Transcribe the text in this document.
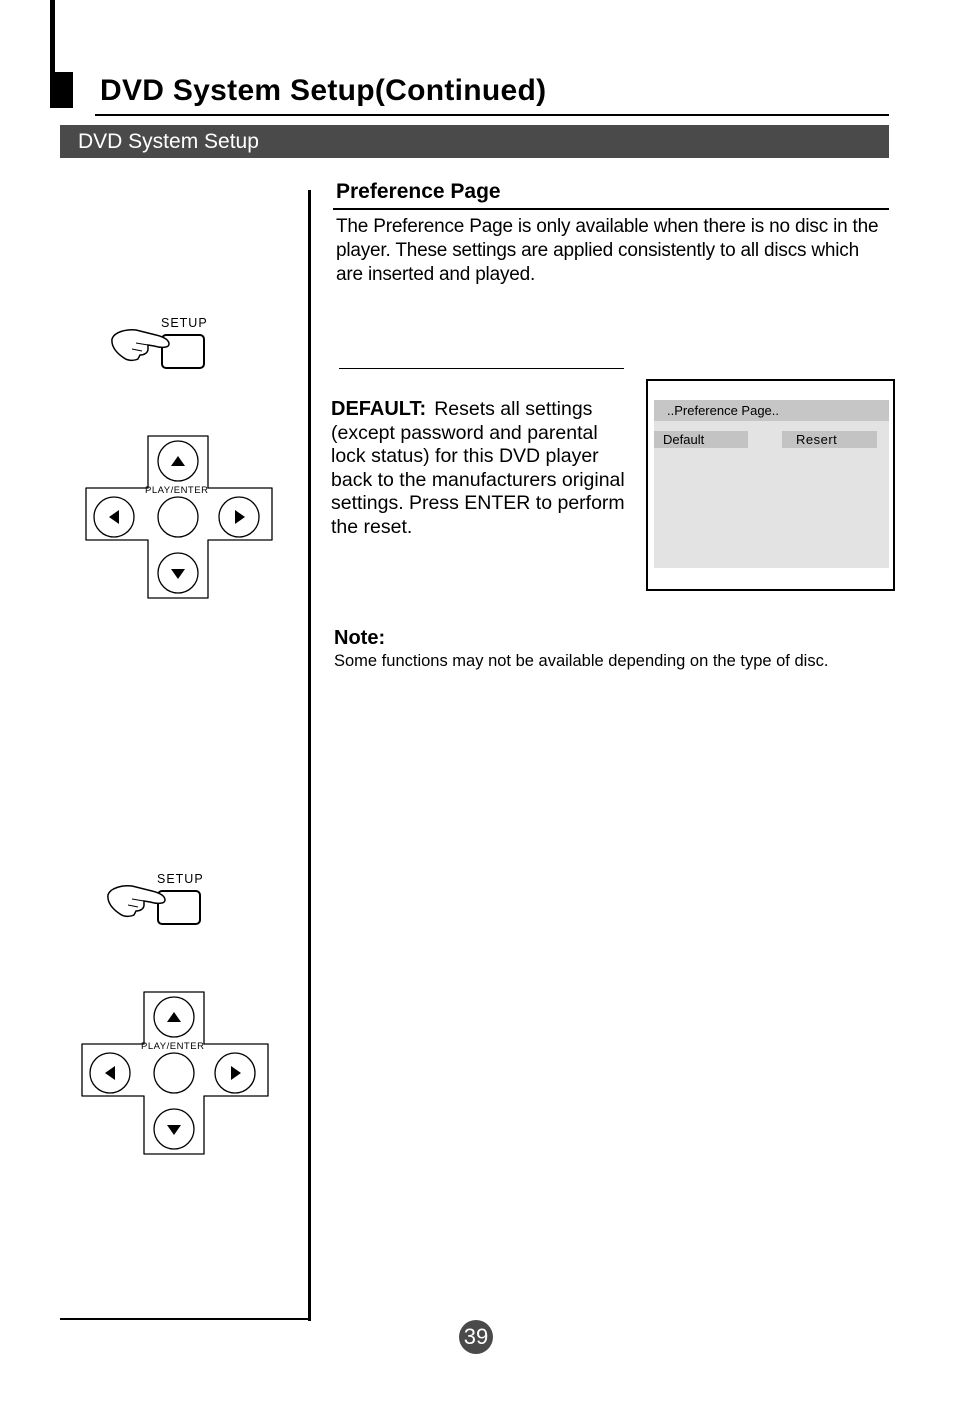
DVD System Setup(Continued)
DVD System Setup
Preference Page
The Preference Page is only available when there is no disc in the player. These settings are applied consistently to all discs which are inserted and played.
DEFAULT: Resets all settings (except password and parental lock status) for this DVD player back to the manufacturers original settings. Press ENTER to perform the reset.
..Preference Page..
Default	Resert
Note:
Some functions may not be available depending on the type of disc.
SETUP
PLAY/ENTER
SETUP
PLAY/ENTER
39
